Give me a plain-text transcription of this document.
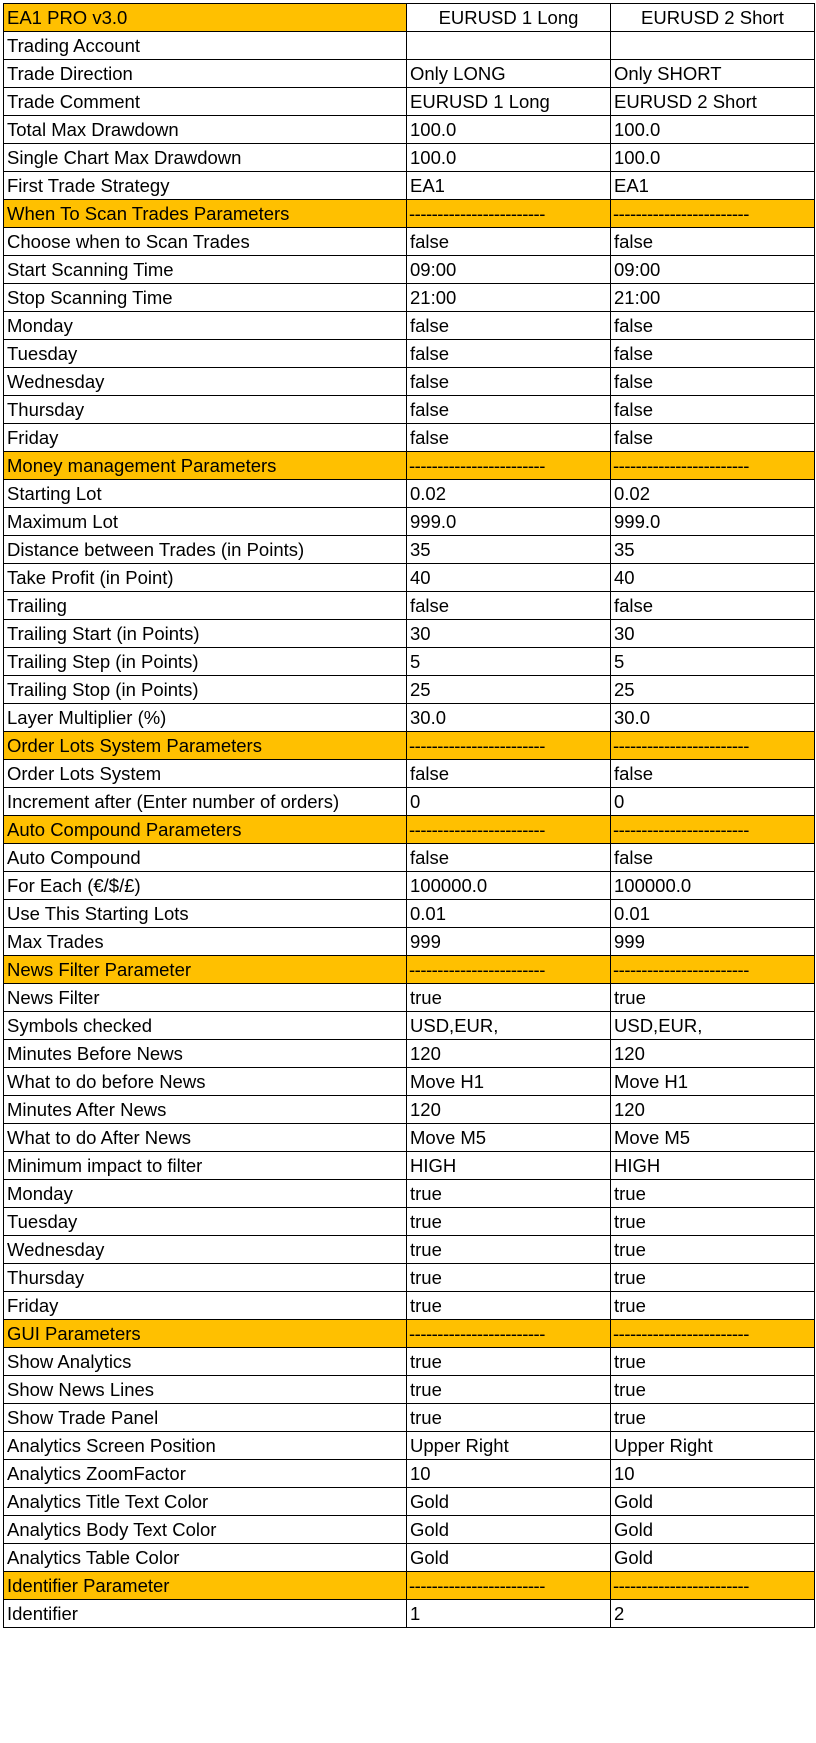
EA1 PRO v3.0	EURUSD 1 Long	EURUSD 2 Short
Trading Account		
Trade Direction	Only LONG	Only SHORT
Trade Comment	EURUSD 1 Long	EURUSD 2 Short
Total Max Drawdown	100.0	100.0
Single Chart Max Drawdown	100.0	100.0
First Trade Strategy	EA1	EA1
When To Scan Trades Parameters	------------------------	------------------------
Choose when to Scan Trades	false	false
Start Scanning Time	09:00	09:00
Stop Scanning Time	21:00	21:00
Monday	false	false
Tuesday	false	false
Wednesday	false	false
Thursday	false	false
Friday	false	false
Money management Parameters	------------------------	------------------------
Starting Lot	0.02	0.02
Maximum Lot	999.0	999.0
Distance between Trades (in Points)	35	35
Take Profit (in Point)	40	40
Trailing	false	false
Trailing Start (in Points)	30	30
Trailing Step (in Points)	5	5
Trailing Stop (in Points)	25	25
Layer Multiplier (%)	30.0	30.0
Order Lots System Parameters	------------------------	------------------------
Order Lots System	false	false
Increment after (Enter number of orders)	0	0
Auto Compound Parameters	------------------------	------------------------
Auto Compound	false	false
For Each (€/$/£)	100000.0	100000.0
Use This Starting Lots	0.01	0.01
Max Trades	999	999
News Filter Parameter	------------------------	------------------------
News Filter	true	true
Symbols checked	USD,EUR,	USD,EUR,
Minutes Before News	120	120
What to do before News	Move H1	Move H1
Minutes After News	120	120
What to do After News	Move M5	Move M5
Minimum impact to filter	HIGH	HIGH
Monday	true	true
Tuesday	true	true
Wednesday	true	true
Thursday	true	true
Friday	true	true
GUI Parameters	------------------------	------------------------
Show Analytics	true	true
Show News Lines	true	true
Show Trade Panel	true	true
Analytics Screen Position	Upper Right	Upper Right
Analytics ZoomFactor	10	10
Analytics Title Text Color	Gold	Gold
Analytics Body Text Color	Gold	Gold
Analytics Table Color	Gold	Gold
Identifier Parameter	------------------------	------------------------
Identifier	1	2
